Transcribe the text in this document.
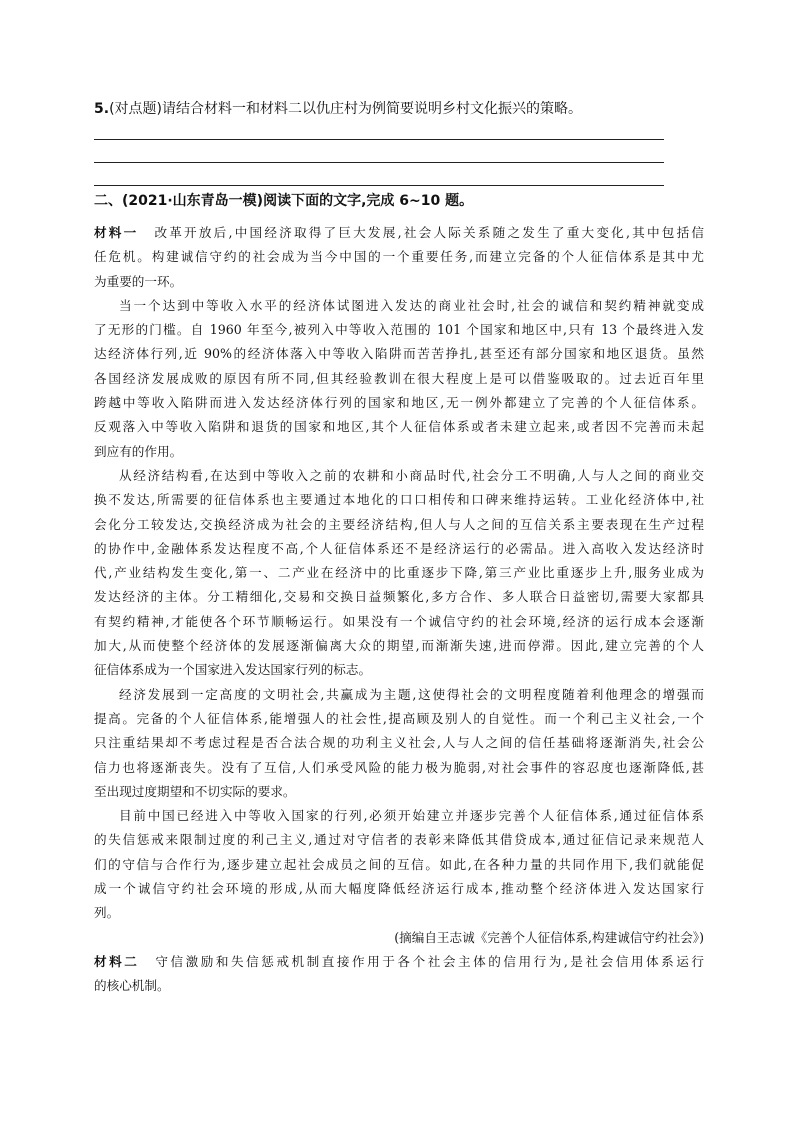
5.(对点题)请结合材料一和材料二以仇庄村为例简要说明乡村文化振兴的策略。
二、(2021·山东青岛一模)阅读下面的文字,完成 6~10 题。
材料一 改革开放后,中国经济取得了巨大发展,社会人际关系随之发生了重大变化,其中包括信
任危机。构建诚信守约的社会成为当今中国的一个重要任务,而建立完备的个人征信体系是其中尤
为重要的一环。
当一个达到中等收入水平的经济体试图进入发达的商业社会时,社会的诚信和契约精神就变成
了无形的门槛。自 1960 年至今,被列入中等收入范围的 101 个国家和地区中,只有 13 个最终进入发
达经济体行列,近 90%的经济体落入中等收入陷阱而苦苦挣扎,甚至还有部分国家和地区退货。虽然
各国经济发展成败的原因有所不同,但其经验教训在很大程度上是可以借鉴吸取的。过去近百年里
跨越中等收入陷阱而进入发达经济体行列的国家和地区,无一例外都建立了完善的个人征信体系。
反观落入中等收入陷阱和退货的国家和地区,其个人征信体系或者未建立起来,或者因不完善而未起
到应有的作用。
从经济结构看,在达到中等收入之前的农耕和小商品时代,社会分工不明确,人与人之间的商业交
换不发达,所需要的征信体系也主要通过本地化的口口相传和口碑来维持运转。工业化经济体中,社
会化分工较发达,交换经济成为社会的主要经济结构,但人与人之间的互信关系主要表现在生产过程
的协作中,金融体系发达程度不高,个人征信体系还不是经济运行的必需品。进入高收入发达经济时
代,产业结构发生变化,第一、二产业在经济中的比重逐步下降,第三产业比重逐步上升,服务业成为
发达经济的主体。分工精细化,交易和交换日益频繁化,多方合作、多人联合日益密切,需要大家都具
有契约精神,才能使各个环节顺畅运行。如果没有一个诚信守约的社会环境,经济的运行成本会逐渐
加大,从而使整个经济体的发展逐渐偏离大众的期望,而渐渐失速,进而停滞。因此,建立完善的个人
征信体系成为一个国家进入发达国家行列的标志。
经济发展到一定高度的文明社会,共赢成为主题,这使得社会的文明程度随着利他理念的增强而
提高。完备的个人征信体系,能增强人的社会性,提高顾及别人的自觉性。而一个利己主义社会,一个
只注重结果却不考虑过程是否合法合规的功利主义社会,人与人之间的信任基础将逐渐消失,社会公
信力也将逐渐丧失。没有了互信,人们承受风险的能力极为脆弱,对社会事件的容忍度也逐渐降低,甚
至出现过度期望和不切实际的要求。
目前中国已经进入中等收入国家的行列,必须开始建立并逐步完善个人征信体系,通过征信体系
的失信惩戒来限制过度的利己主义,通过对守信者的表彰来降低其借贷成本,通过征信记录来规范人
们的守信与合作行为,逐步建立起社会成员之间的互信。如此,在各种力量的共同作用下,我们就能促
成一个诚信守约社会环境的形成,从而大幅度降低经济运行成本,推动整个经济体进入发达国家行
列。
(摘编自王志诚《完善个人征信体系,构建诚信守约社会》)
材料二 守信激励和失信惩戒机制直接作用于各个社会主体的信用行为,是社会信用体系运行
的核心机制。
